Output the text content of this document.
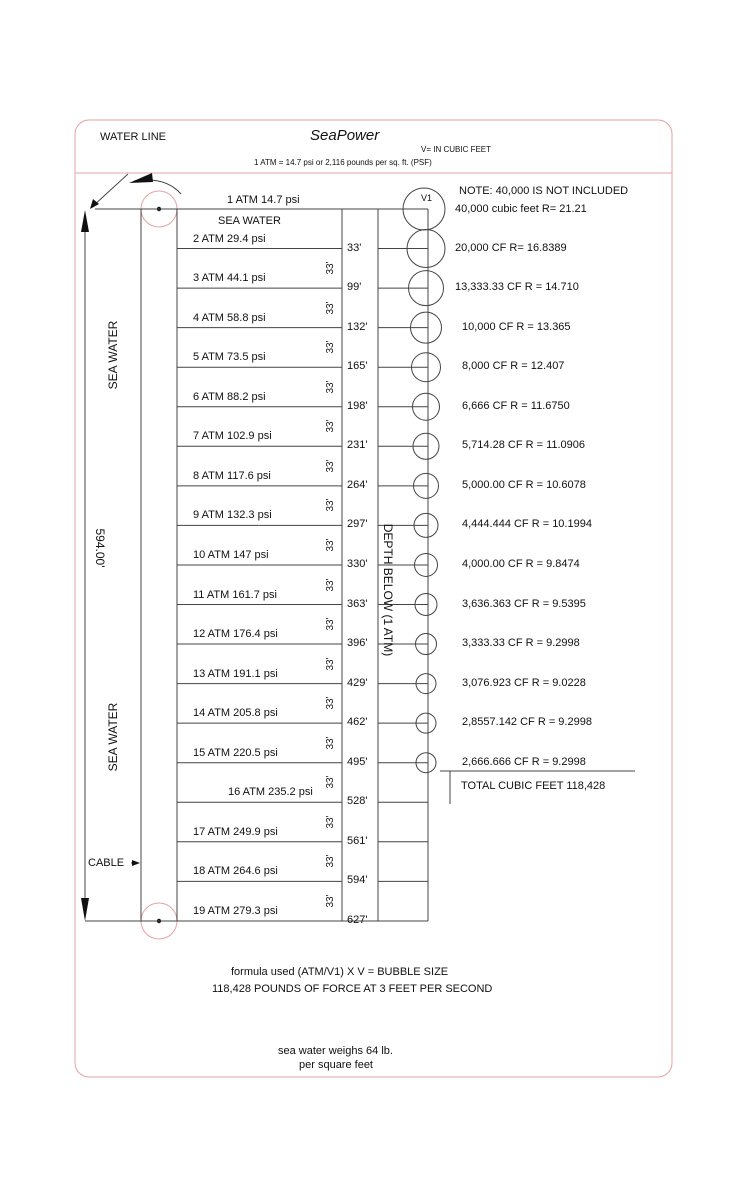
SeaPower
V= IN CUBIC FEET
1 ATM = 14.7 psi or 2,116 pounds per sq. ft. (PSF)
WATER LINE
1 ATM 14.7 psi
SEA WATER
SEA WATER
SEA WATER
594.00'	DEPTH BELOW (1 ATM)
CABLE
V1
NOTE: 40,000 IS NOT INCLUDED
40,000 cubic feet R= 21.21
2 ATM 29.4 psi
33'
3 ATM 44.1 psi
99'
33'
4 ATM 58.8 psi
132'
33'
5 ATM 73.5 psi
165'
33'
6 ATM 88.2 psi
198'
33'
7 ATM 102.9 psi
231'
33'
8 ATM 117.6 psi
264'
33'
9 ATM 132.3 psi
297'
33'
10 ATM 147 psi
330'
33'
11 ATM 161.7 psi
363'
33'
12 ATM 176.4 psi
396'
33'
13 ATM 191.1 psi
429'
33'
14 ATM 205.8 psi
462'
33'
15 ATM 220.5 psi
495'
33'
16 ATM 235.2 psi
528'
33'
17 ATM 249.9 psi
561'
33'
18 ATM 264.6 psi
594'
33'
19 ATM 279.3 psi
627'
33'
20,000 CF R= 16.8389
13,333.33 CF R = 14.710
10,000 CF R = 13.365
8,000 CF R = 12.407
6,666 CF R = 11.6750
5,714.28 CF R = 11.0906
5,000.00 CF R = 10.6078
4,444.444 CF R = 10.1994
4,000.00 CF R = 9.8474
3,636.363 CF R = 9.5395
3,333.33 CF R = 9.2998
3,076.923 CF R = 9.0228
2,8557.142 CF R = 9.2998
2,666.666 CF R = 9.2998
TOTAL CUBIC FEET 118,428
formula used (ATM/V1) X V = BUBBLE SIZE
118,428 POUNDS OF FORCE AT 3 FEET PER SECOND
sea water weighs 64 lb.
per square feet
